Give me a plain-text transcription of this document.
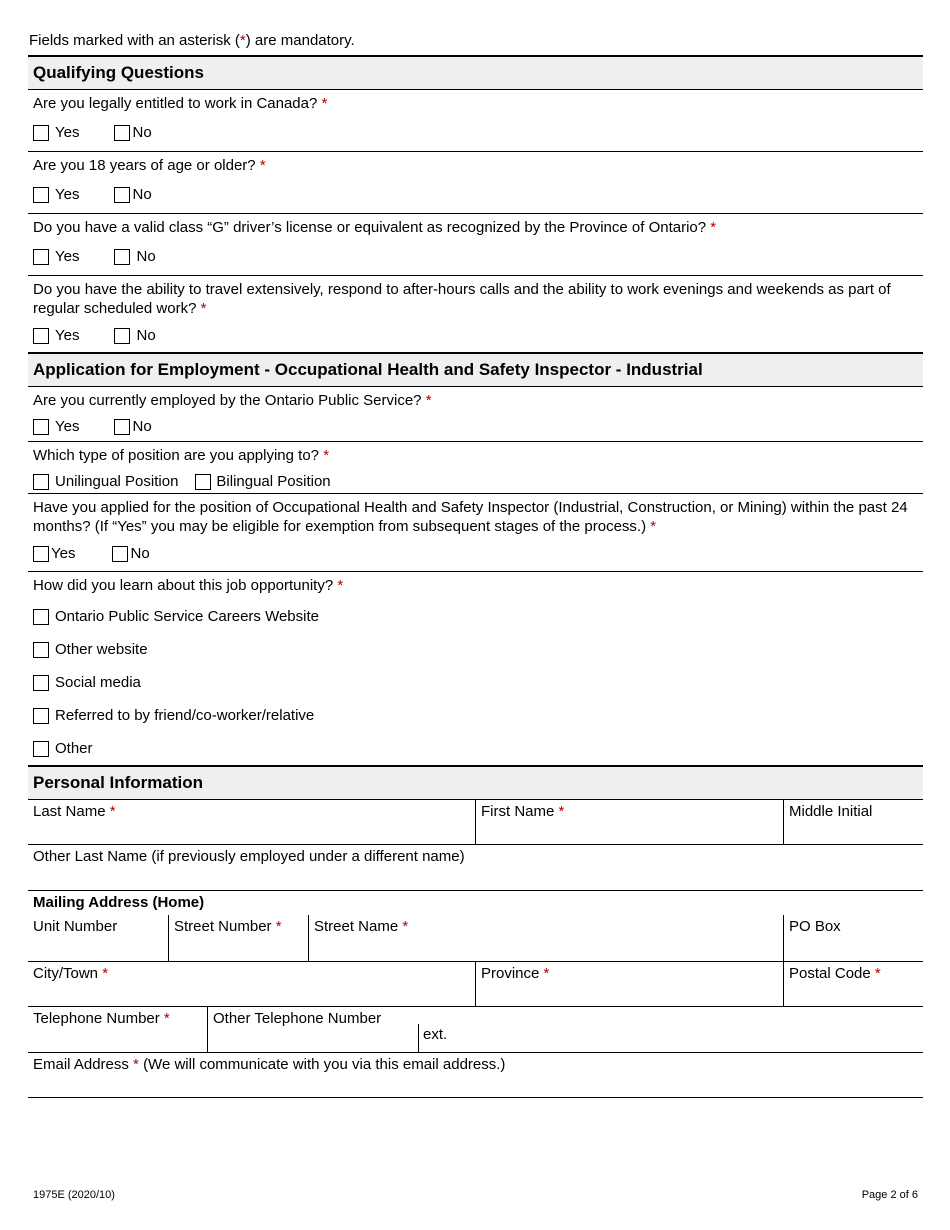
Fields marked with an asterisk (*) are mandatory.
Qualifying Questions
Are you legally entitled to work in Canada? *
Yes	No
Are you 18 years of age or older? *
Yes	No
Do you have a valid class “G” driver’s license or equivalent as recognized by the Province of Ontario? *
Yes	No
Do you have the ability to travel extensively, respond to after-hours calls and the ability to work evenings and weekends as part of regular scheduled work? *
Yes	No
Application for Employment - Occupational Health and Safety Inspector - Industrial
Are you currently employed by the Ontario Public Service? *
Yes	No
Which type of position are you applying to? *
Unilingual Position	Bilingual Position
Have you applied for the position of Occupational Health and Safety Inspector (Industrial, Construction, or Mining) within the past 24 months? (If “Yes” you may be eligible for exemption from subsequent stages of the process.) *
Yes	No
How did you learn about this job opportunity? *
Ontario Public Service Careers Website
Other website
Social media
Referred to by friend/co-worker/relative
Other
Personal Information
Last Name *	First Name *	Middle Initial
Other Last Name (if previously employed under a different name)
Mailing Address (Home)
Unit Number	Street Number *	Street Name *	PO Box
City/Town *	Province *	Postal Code *
Telephone Number *	Other Telephone Number
ext.
Email Address * (We will communicate with you via this email address.)
1975E (2020/10)	Page 2 of 6
